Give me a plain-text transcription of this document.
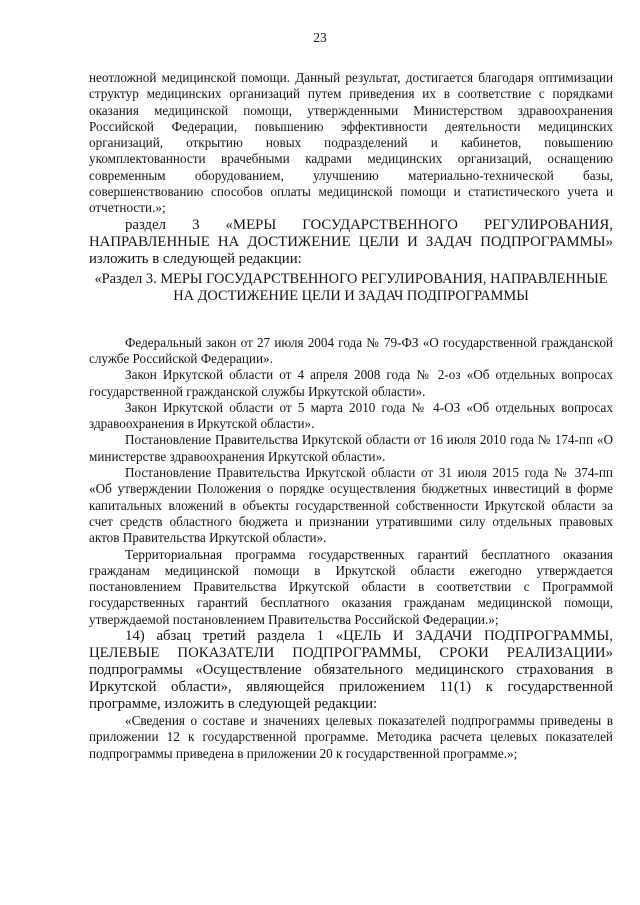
23

неотложной медицинской помощи. Данный результат, достигается благодаря оптимизации структур медицинских организаций путем приведения их в соответствие с порядками оказания медицинской помощи, утвержденными Министерством здравоохранения Российской Федерации, повышению эффективности деятельности медицинских организаций, открытию новых подразделений и кабинетов, повышению укомплектованности врачебными кадрами медицинских организаций, оснащению современным оборудованием, улучшению материально-технической базы, совершенствованию способов оплаты медицинской помощи и статистического учета и отчетности.»;

раздел 3 «МЕРЫ ГОСУДАРСТВЕННОГО РЕГУЛИРОВАНИЯ, НАПРАВЛЕННЫЕ НА ДОСТИЖЕНИЕ ЦЕЛИ И ЗАДАЧ ПОДПРОГРАММЫ» изложить в следующей редакции:

«Раздел 3. МЕРЫ ГОСУДАРСТВЕННОГО РЕГУЛИРОВАНИЯ, НАПРАВЛЕННЫЕ НА ДОСТИЖЕНИЕ ЦЕЛИ И ЗАДАЧ ПОДПРОГРАММЫ

Федеральный закон от 27 июля 2004 года № 79-ФЗ «О государственной гражданской службе Российской Федерации».

Закон Иркутской области от 4 апреля 2008 года № 2-оз «Об отдельных вопросах государственной гражданской службы Иркутской области».

Закон Иркутской области от 5 марта 2010 года № 4-ОЗ «Об отдельных вопросах здравоохранения в Иркутской области».

Постановление Правительства Иркутской области от 16 июля 2010 года № 174-пп «О министерстве здравоохранения Иркутской области».

Постановление Правительства Иркутской области от 31 июля 2015 года № 374-пп «Об утверждении Положения о порядке осуществления бюджетных инвестиций в форме капитальных вложений в объекты государственной собственности Иркутской области за счет средств областного бюджета и признании утратившими силу отдельных правовых актов Правительства Иркутской области».

Территориальная программа государственных гарантий бесплатного оказания гражданам медицинской помощи в Иркутской области ежегодно утверждается постановлением Правительства Иркутской области в соответствии с Программой государственных гарантий бесплатного оказания гражданам медицинской помощи, утверждаемой постановлением Правительства Российской Федерации.»;

14) абзац третий раздела 1 «ЦЕЛЬ И ЗАДАЧИ ПОДПРОГРАММЫ, ЦЕЛЕВЫЕ ПОКАЗАТЕЛИ ПОДПРОГРАММЫ, СРОКИ РЕАЛИЗАЦИИ» подпрограммы «Осуществление обязательного медицинского страхования в Иркутской области», являющейся приложением 11(1) к государственной программе, изложить в следующей редакции:

«Сведения о составе и значениях целевых показателей подпрограммы приведены в приложении 12 к государственной программе. Методика расчета целевых показателей подпрограммы приведена в приложении 20 к государственной программе.»;
